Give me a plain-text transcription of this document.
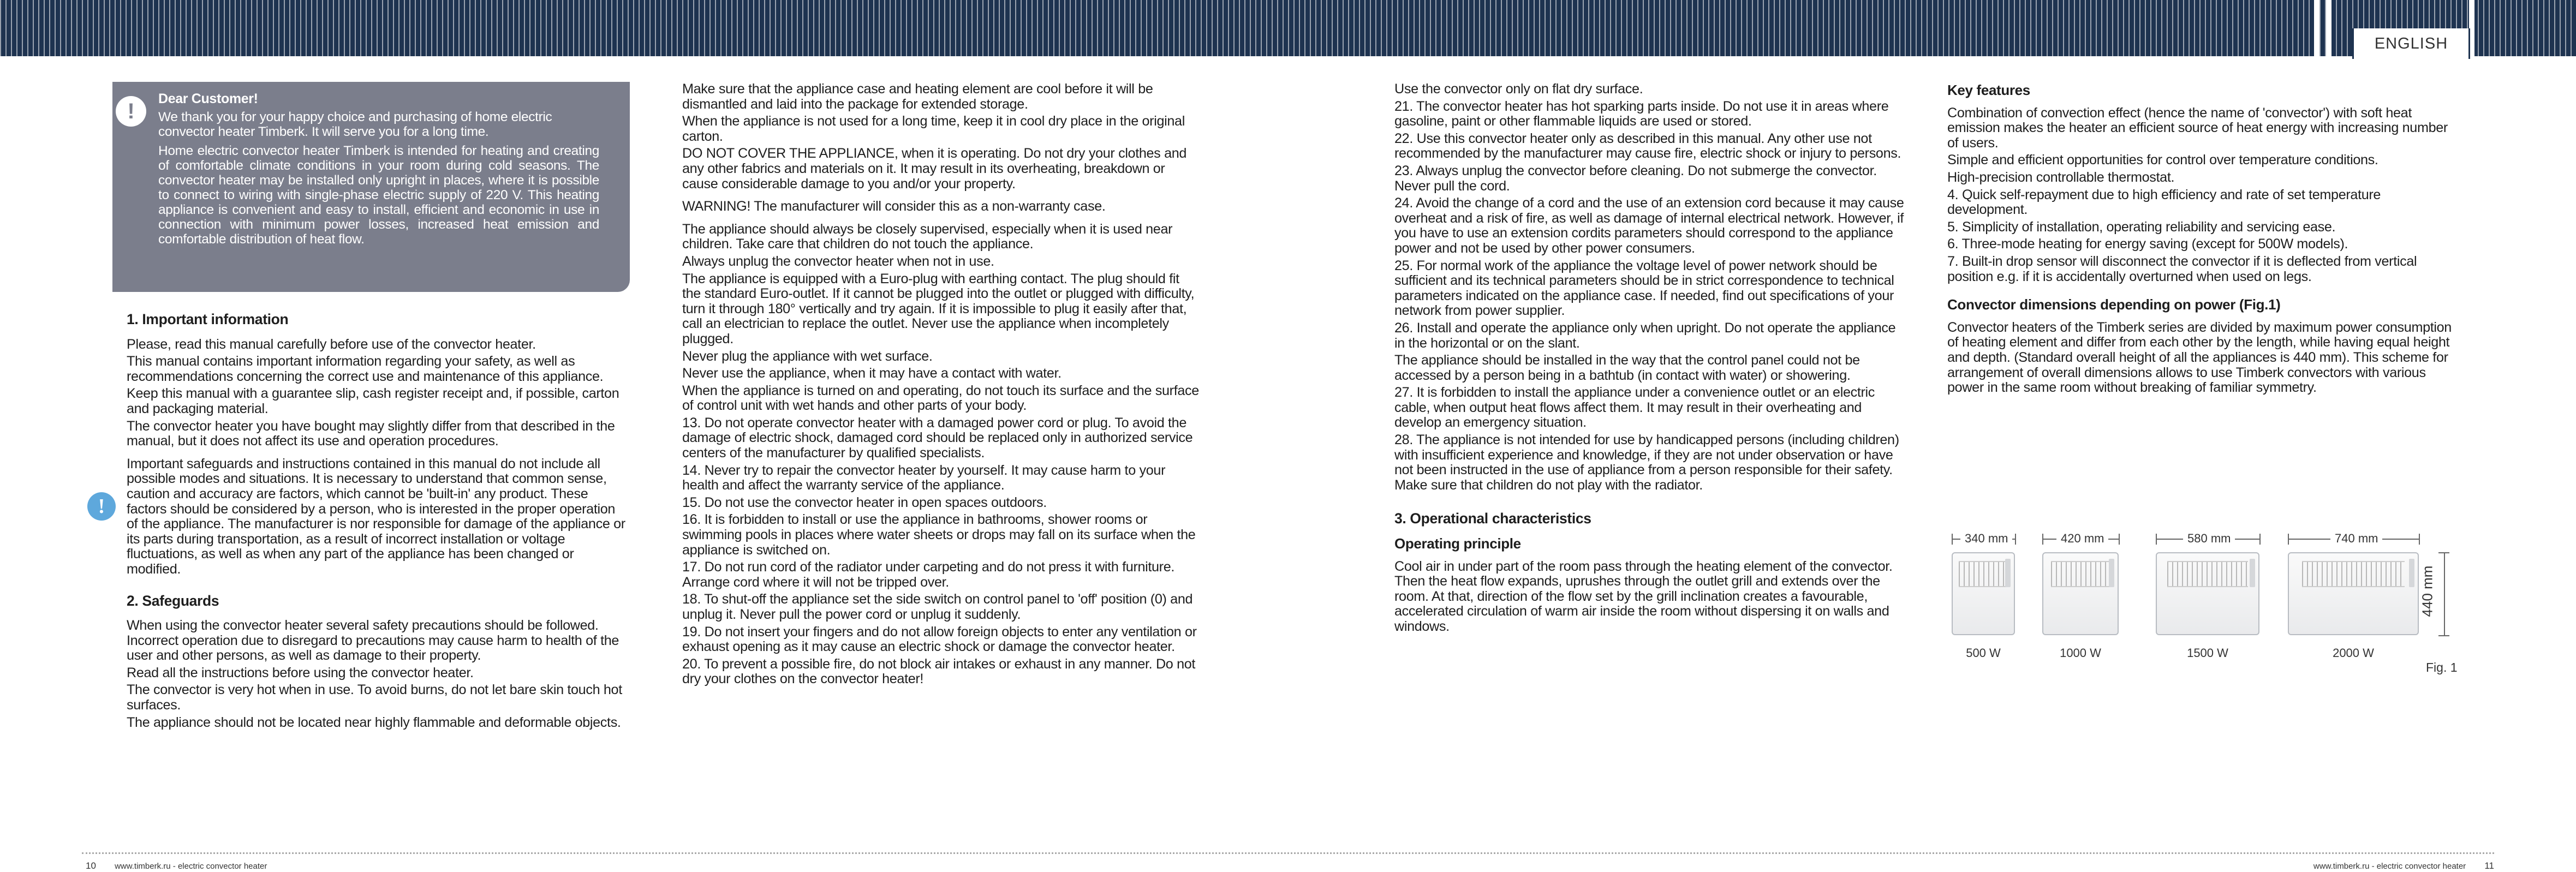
ENGLISH

Dear Customer!

We thank you for your happy choice and purchasing of home electric convector heater Timberk. It will serve you for a long time.

Home electric convector heater Timberk is intended for heating and creating of comfortable climate conditions in your room during cold seasons. The convector heater may be installed only upright in places, where it is possible to connect to wiring with single-phase electric supply of 220 V. This heating appliance is convenient and easy to install, efficient and economic in use in connection with minimum power losses, increased heat emission and comfortable distribution of heat flow.

!
1. Important information

Please, read this manual carefully before use of the convector heater.

This manual contains important information regarding your safety, as well as recommendations concerning the correct use and maintenance of this appliance.

Keep this manual with a guarantee slip, cash register receipt and, if possible, carton and packaging material.

The convector heater you have bought may slightly differ from that described in the manual, but it does not affect its use and operation procedures.

Important safeguards and instructions contained in this manual do not include all possible modes and situations. It is necessary to understand that common sense, caution and accuracy are factors, which cannot be 'built-in' any product. These factors should be considered by a person, who is interested in the proper operation of the appliance. The manufacturer is nor responsible for damage of the appliance or its parts during transportation, as a result of incorrect installation or voltage fluctuations, as well as when any part of the appliance has been changed or modified.

2. Safeguards

When using the convector heater several safety precautions should be followed. Incorrect operation due to disregard to precautions may cause harm to health of the user and other persons, as well as damage to their property.

Read all the instructions before using the convector heater.

The convector is very hot when in use. To avoid burns, do not let bare skin touch hot surfaces.

The appliance should not be located near highly flammable and deformable objects.

!

Make sure that the appliance case and heating element are cool before it will be dismantled and laid into the package for extended storage.

When the appliance is not used for a long time, keep it in cool dry place in the original carton.

DO NOT COVER THE APPLIANCE, when it is operating. Do not dry your clothes and any other fabrics and materials on it. It may result in its overheating, breakdown or cause considerable damage to you and/or your property.

WARNING! The manufacturer will consider this as a non-warranty case.

The appliance should always be closely supervised, especially when it is used near children. Take care that children do not touch the appliance.

Always unplug the convector heater when not in use.

The appliance is equipped with a Euro-plug with earthing contact. The plug should fit the standard Euro-outlet. If it cannot be plugged into the outlet or plugged with difficulty, turn it through 180° vertically and try again. If it is impossible to plug it easily after that, call an electrician to replace the outlet. Never use the appliance when incompletely plugged.

Never plug the appliance with wet surface.

Never use the appliance, when it may have a contact with water.

When the appliance is turned on and operating, do not touch its surface and the surface of control unit with wet hands and other parts of your body.

13. Do not operate convector heater with a damaged power cord or plug. To avoid the damage of electric shock, damaged cord should be replaced only in authorized service centers of the manufacturer by qualified specialists.

14. Never try to repair the convector heater by yourself. It may cause harm to your health and affect the warranty service of the appliance.

15. Do not use the convector heater in open spaces outdoors.

16. It is forbidden to install or use the appliance in bathrooms, shower rooms or swimming pools in places where water sheets or drops may fall on its surface when the appliance is switched on.

17. Do not run cord of the radiator under carpeting and do not press it with furniture. Arrange cord where it will not be tripped over.

18. To shut-off the appliance set the side switch on control panel to 'off' position (0) and unplug it. Never pull the power cord or unplug it suddenly.

19. Do not insert your fingers and do not allow foreign objects to enter any ventilation or exhaust opening as it may cause an electric shock or damage the convector heater.

20. To prevent a possible fire, do not block air intakes or exhaust in any manner. Do not dry your clothes on the convector heater!

Use the convector only on flat dry surface.

21. The convector heater has hot sparking parts inside. Do not use it in areas where gasoline, paint or other flammable liquids are used or stored.

22. Use this convector heater only as described in this manual. Any other use not recommended by the manufacturer may cause fire, electric shock or injury to persons.

23. Always unplug the convector before cleaning. Do not submerge the convector. Never pull the cord.

24. Avoid the change of a cord and the use of an extension cord because it may cause overheat and a risk of fire, as well as damage of internal electrical network. However, if you have to use an extension cordits parameters should correspond to the appliance power and not be used by other power consumers.

25. For normal work of the appliance the voltage level of power network should be sufficient and its technical parameters should be in strict correspondence to technical parameters indicated on the appliance case. If needed, find out specifications of your network from power supplier.

26. Install and operate the appliance only when upright. Do not operate the appliance in the horizontal or on the slant.

The appliance should be installed in the way that the control panel could not be accessed by a person being in a bathtub (in contact with water) or showering.

27. It is forbidden to install the appliance under a convenience outlet or an electric cable, when output heat flows affect them. It may result in their overheating and develop an emergency situation.

28. The appliance is not intended for use by handicapped persons (including children) with insufficient experience and knowledge, if they are not under observation or have not been instructed in the use of appliance from a person responsible for their safety. Make sure that children do not play with the radiator.

3. Operational characteristics
Operating principle

Cool air in under part of the room pass through the heating element of the convector. Then the heat flow expands, uprushes through the outlet grill and extends over the room. At that, direction of the flow set by the grill inclination creates a favourable, accelerated circulation of warm air inside the room without dispersing it on walls and windows.

Key features

Combination of convection effect (hence the name of 'convector') with soft heat emission makes the heater an efficient source of heat energy with increasing number of users.

Simple and efficient opportunities for control over temperature conditions.

High-precision controllable thermostat.

4. Quick self-repayment due to high efficiency and rate of set temperature development.

5. Simplicity of installation, operating reliability and servicing ease.

6. Three-mode heating for energy saving (except for 500W models).

7. Built-in drop sensor will disconnect the convector if it is deflected from vertical position e.g. if it is accidentally overturned when used on legs.

Convector dimensions depending on power (Fig.1)

Convector heaters of the Timberk series are divided by maximum power consumption of heating element and differ from each other by the length, while having equal height and depth. (Standard overall height of all the appliances is 440 mm). This scheme for arrangement of overall dimensions allows to use Timberk convectors with various power in the same room without breaking of familiar symmetry.

340 mm
500 W
420 mm
1000 W
580 mm
1500 W
740 mm
2000 W
440 mm
Fig. 1
10 www.timberk.ru - electric convector heater	www.timberk.ru - electric convector heater 11
